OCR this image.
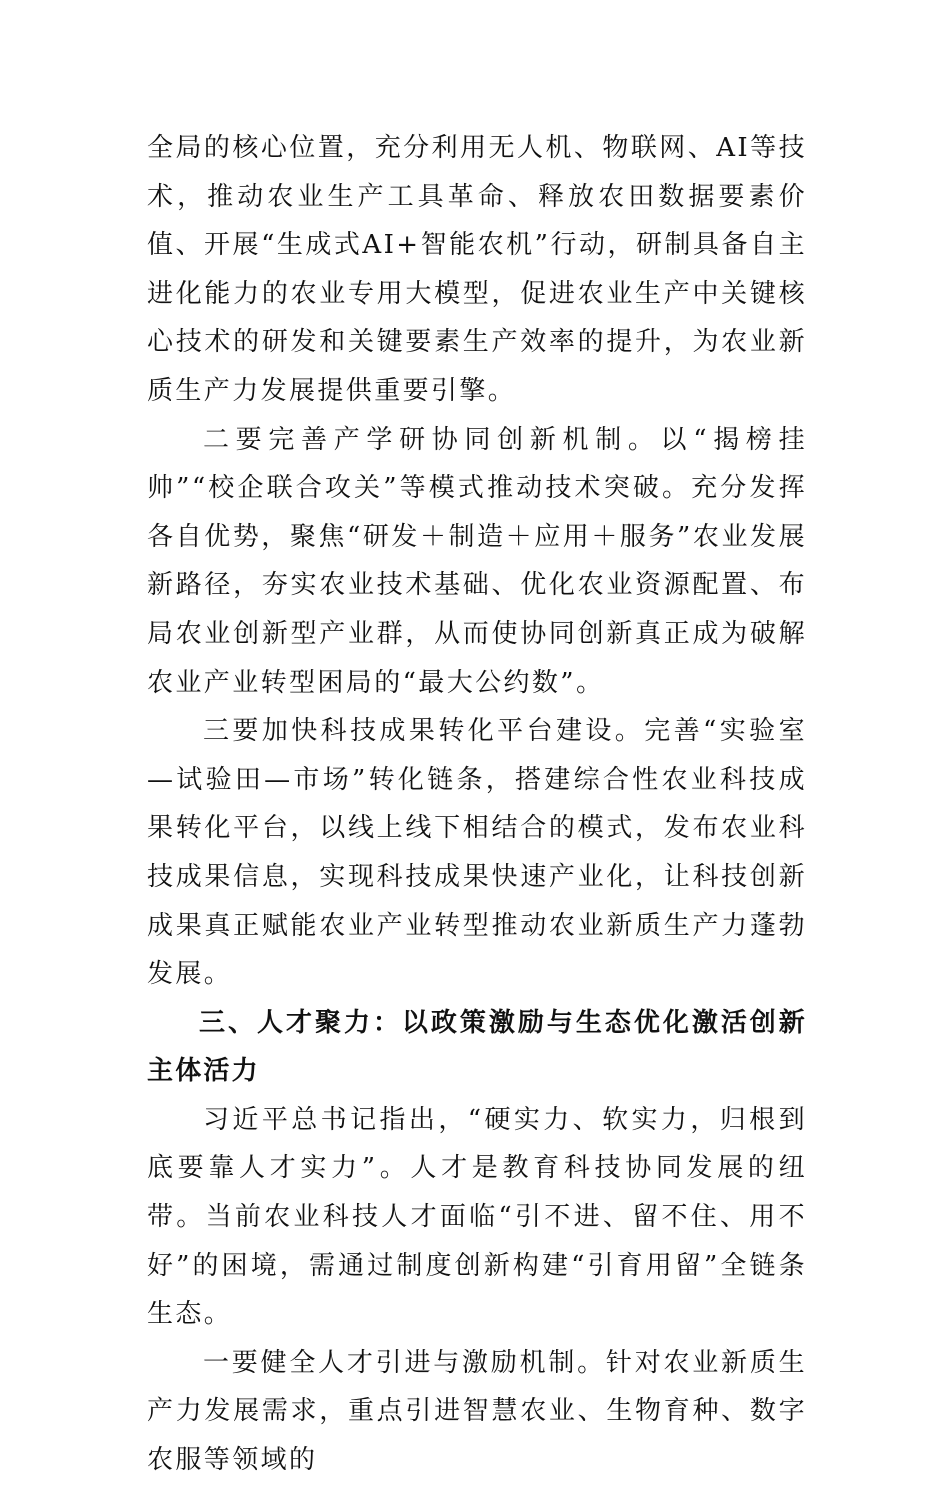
全局的核心位置，充分利用无人机、物联网、AI等技术，推动农业生产工具革命、释放农田数据要素价值、开展“生成式AI+智能农机”行动，研制具备自主进化能力的农业专用大模型，促进农业生产中关键核心技术的研发和关键要素生产效率的提升，为农业新质生产力发展提供重要引擎。

二要完善产学研协同创新机制。以“揭榜挂帅”“校企联合攻关”等模式推动技术突破。充分发挥各自优势，聚焦“研发＋制造＋应用＋服务”农业发展新路径，夯实农业技术基础、优化农业资源配置、布局农业创新型产业群，从而使协同创新真正成为破解农业产业转型困局的“最大公约数”。

三要加快科技成果转化平台建设。完善“实验室—试验田—市场”转化链条，搭建综合性农业科技成果转化平台，以线上线下相结合的模式，发布农业科技成果信息，实现科技成果快速产业化，让科技创新成果真正赋能农业产业转型推动农业新质生产力蓬勃发展。

三、人才聚力：以政策激励与生态优化激活创新主体活力

习近平总书记指出，“硬实力、软实力，归根到底要靠人才实力”。人才是教育科技协同发展的纽带。当前农业科技人才面临“引不进、留不住、用不好”的困境，需通过制度创新构建“引育用留”全链条生态。

一要健全人才引进与激励机制。针对农业新质生产力发展需求，重点引进智慧农业、生物育种、数字农服等领域的
